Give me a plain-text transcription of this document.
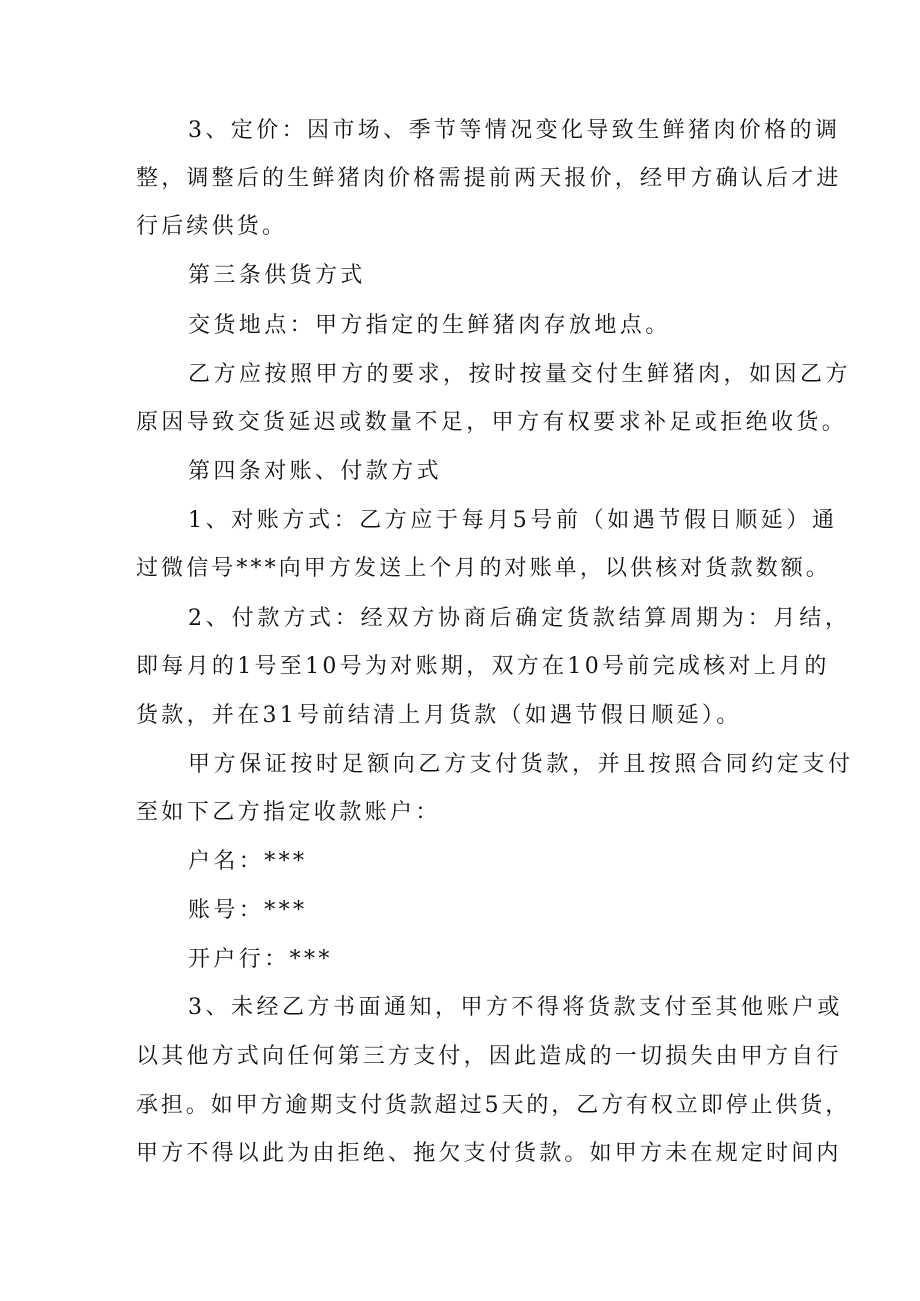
3、定价：因市场、季节等情况变化导致生鲜猪肉价格的调
整，调整后的生鲜猪肉价格需提前两天报价，经甲方确认后才进
行后续供货。
第三条供货方式
交货地点：甲方指定的生鲜猪肉存放地点。
乙方应按照甲方的要求，按时按量交付生鲜猪肉，如因乙方
原因导致交货延迟或数量不足，甲方有权要求补足或拒绝收货。
第四条对账、付款方式
1、对账方式：乙方应于每月5号前（如遇节假日顺延）通
过微信号***向甲方发送上个月的对账单，以供核对货款数额。
2、付款方式：经双方协商后确定货款结算周期为：月结，
即每月的1号至10号为对账期，双方在10号前完成核对上月的
货款，并在31号前结清上月货款（如遇节假日顺延）。
甲方保证按时足额向乙方支付货款，并且按照合同约定支付
至如下乙方指定收款账户：
户名：***
账号：***
开户行：***
3、未经乙方书面通知，甲方不得将货款支付至其他账户或
以其他方式向任何第三方支付，因此造成的一切损失由甲方自行
承担。如甲方逾期支付货款超过5天的，乙方有权立即停止供货，
甲方不得以此为由拒绝、拖欠支付货款。如甲方未在规定时间内
